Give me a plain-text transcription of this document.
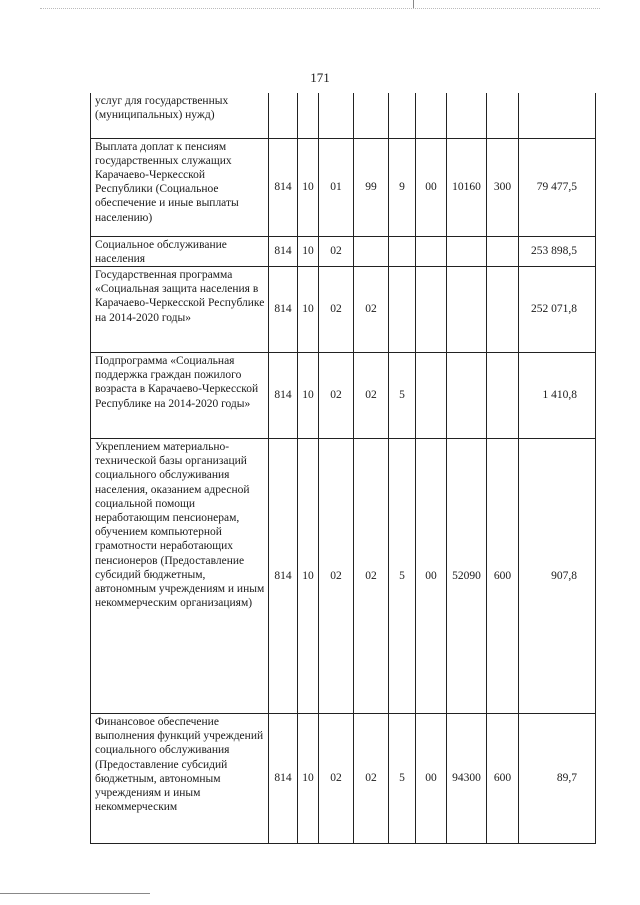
171
услуг для государственных (муниципальных) нужд)									
Выплата доплат к пенсиям государственных служащих Карачаево-Черкесской Республики (Социальное обеспечение и иные выплаты населению)	814	10	01	99	9	00	10160	300	79 477,5
Социальное обслуживание населения	814	10	02						253 898,5
Государственная программа «Социальная защита населения в Карачаево-Черкесской Республике на 2014-2020 годы»	814	10	02	02					252 071,8
Подпрограмма «Социальная поддержка граждан пожилого возраста в Карачаево-Черкесской Республике на 2014-2020 годы»	814	10	02	02	5				1 410,8
Укреплением материально-технической базы организаций социального обслуживания населения, оказанием адресной социальной помощи неработающим пенсионерам, обучением компьютерной грамотности неработающих пенсионеров (Предоставление субсидий бюджетным, автономным учреждениям и иным некоммерческим организациям)	814	10	02	02	5	00	52090	600	907,8
Финансовое обеспечение выполнения функций учреждений социального обслуживания (Предоставление субсидий бюджетным, автономным учреждениям и иным некоммерческим	814	10	02	02	5	00	94300	600	89,7
